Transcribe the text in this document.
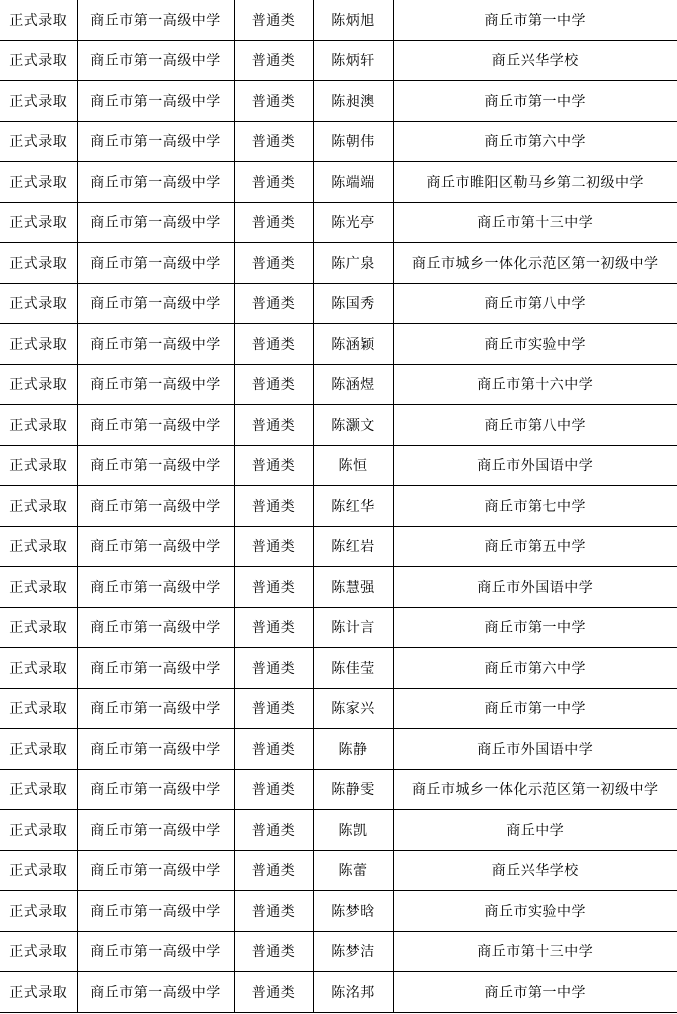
正式录取	商丘市第一高级中学	普通类	陈炳旭	商丘市第一中学
正式录取	商丘市第一高级中学	普通类	陈炳轩	商丘兴华学校
正式录取	商丘市第一高级中学	普通类	陈昶澳	商丘市第一中学
正式录取	商丘市第一高级中学	普通类	陈朝伟	商丘市第六中学
正式录取	商丘市第一高级中学	普通类	陈端端	商丘市睢阳区勒马乡第二初级中学
正式录取	商丘市第一高级中学	普通类	陈光亭	商丘市第十三中学
正式录取	商丘市第一高级中学	普通类	陈广泉	商丘市城乡一体化示范区第一初级中学
正式录取	商丘市第一高级中学	普通类	陈国秀	商丘市第八中学
正式录取	商丘市第一高级中学	普通类	陈涵颖	商丘市实验中学
正式录取	商丘市第一高级中学	普通类	陈涵煜	商丘市第十六中学
正式录取	商丘市第一高级中学	普通类	陈灏文	商丘市第八中学
正式录取	商丘市第一高级中学	普通类	陈恒	商丘市外国语中学
正式录取	商丘市第一高级中学	普通类	陈红华	商丘市第七中学
正式录取	商丘市第一高级中学	普通类	陈红岩	商丘市第五中学
正式录取	商丘市第一高级中学	普通类	陈慧强	商丘市外国语中学
正式录取	商丘市第一高级中学	普通类	陈计言	商丘市第一中学
正式录取	商丘市第一高级中学	普通类	陈佳莹	商丘市第六中学
正式录取	商丘市第一高级中学	普通类	陈家兴	商丘市第一中学
正式录取	商丘市第一高级中学	普通类	陈静	商丘市外国语中学
正式录取	商丘市第一高级中学	普通类	陈静雯	商丘市城乡一体化示范区第一初级中学
正式录取	商丘市第一高级中学	普通类	陈凯	商丘中学
正式录取	商丘市第一高级中学	普通类	陈蕾	商丘兴华学校
正式录取	商丘市第一高级中学	普通类	陈梦晗	商丘市实验中学
正式录取	商丘市第一高级中学	普通类	陈梦洁	商丘市第十三中学
正式录取	商丘市第一高级中学	普通类	陈洺邦	商丘市第一中学
